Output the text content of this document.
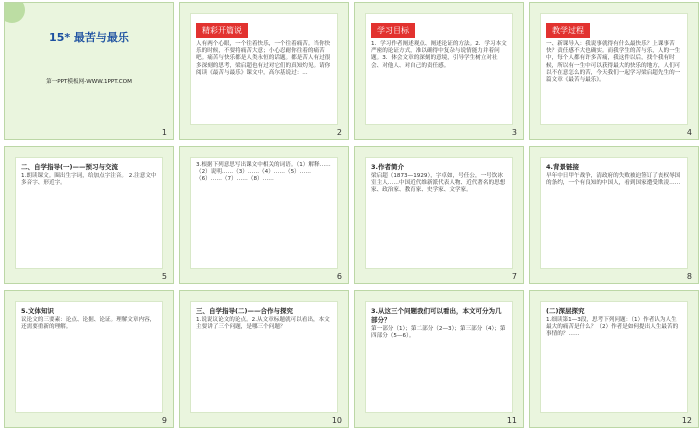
15* 最苦与最乐
第一PPT模板网-WWW.1PPT.COM
1
精彩开篇说
人有两个心眼，一个往着快乐，一个往着痛苦。当你快乐的时候，不要将痛苦大意；小心忍耐你往着的痛苦吧。痛苦与快乐都是人类永恒的话题。都是苦人有过很多深刻的思考，梁启超也有过对它们的真知灼见。请你阅读《最苦与最乐》课文中，高尔基说过：...
2
学习目标
1．学习作者阐述观点、阐述论证的方法。2．学习本文严密的论证方式，准以确得中复杂与说情能力并着问题。3．体会文章的深刻的意境，引导学生树立对社会、对他人、对自己的责任感。
3
教学过程
一、新课导入：我说事就得有什么最快乐？上课事苦快？责任感不大也确实。而我学生的苦与乐，人的一生中，每个人都有许多苦痛，我这件以后，找个我有时候，所以有一生中可以获得最大的快乐的地方，人们可以不在意怎么的苦，今天我们一起学习梁启超先生的一篇文章《最苦与最乐》。
4
二、自学指导(一)——预习与交流
1.朗读课文。圈出生字词，给加点字注音。 2.注意文中多音字、形近字。
5
3.根据下列意思写出课文中相关的词语。（1）解释……（2）说明……（3）……（4）……（5）……（6）……（7）……（8）……
6
3.作者简介
梁启超（1873—1929），字卓如，号任公，一号饮冰室主人……中国近代维新派代表人物、近代著名的思想家、政治家、教育家、史学家、文学家。
7
4.背景链接
早年中日甲午战争，清政府的失败被迫签订了丧权辱国的条约，一个有良知的中国人，看到国家遭受欺凌……
8
5.文体知识
议论文的三要素：论点、论据、论证。理解文章内容，还需要重新的理解。
9
三、自学指导(二)——合作与探究
1.说说议论文的论点。2.从文章标题就可以看出，本文主要讲了三个问题，是哪三个问题？
10
3.从这三个问题我们可以看出，本文可分为几部分？
第一部分（1）；第二部分（2—3）；第三部分（4）；第四部分（5—6）。
11
(二)深层探究
1.细读第1—3段，思考下列问题：（1）作者认为人生最大的痛苦是什么？（2）作者是如何提出人生最苦的事情的？……
12
